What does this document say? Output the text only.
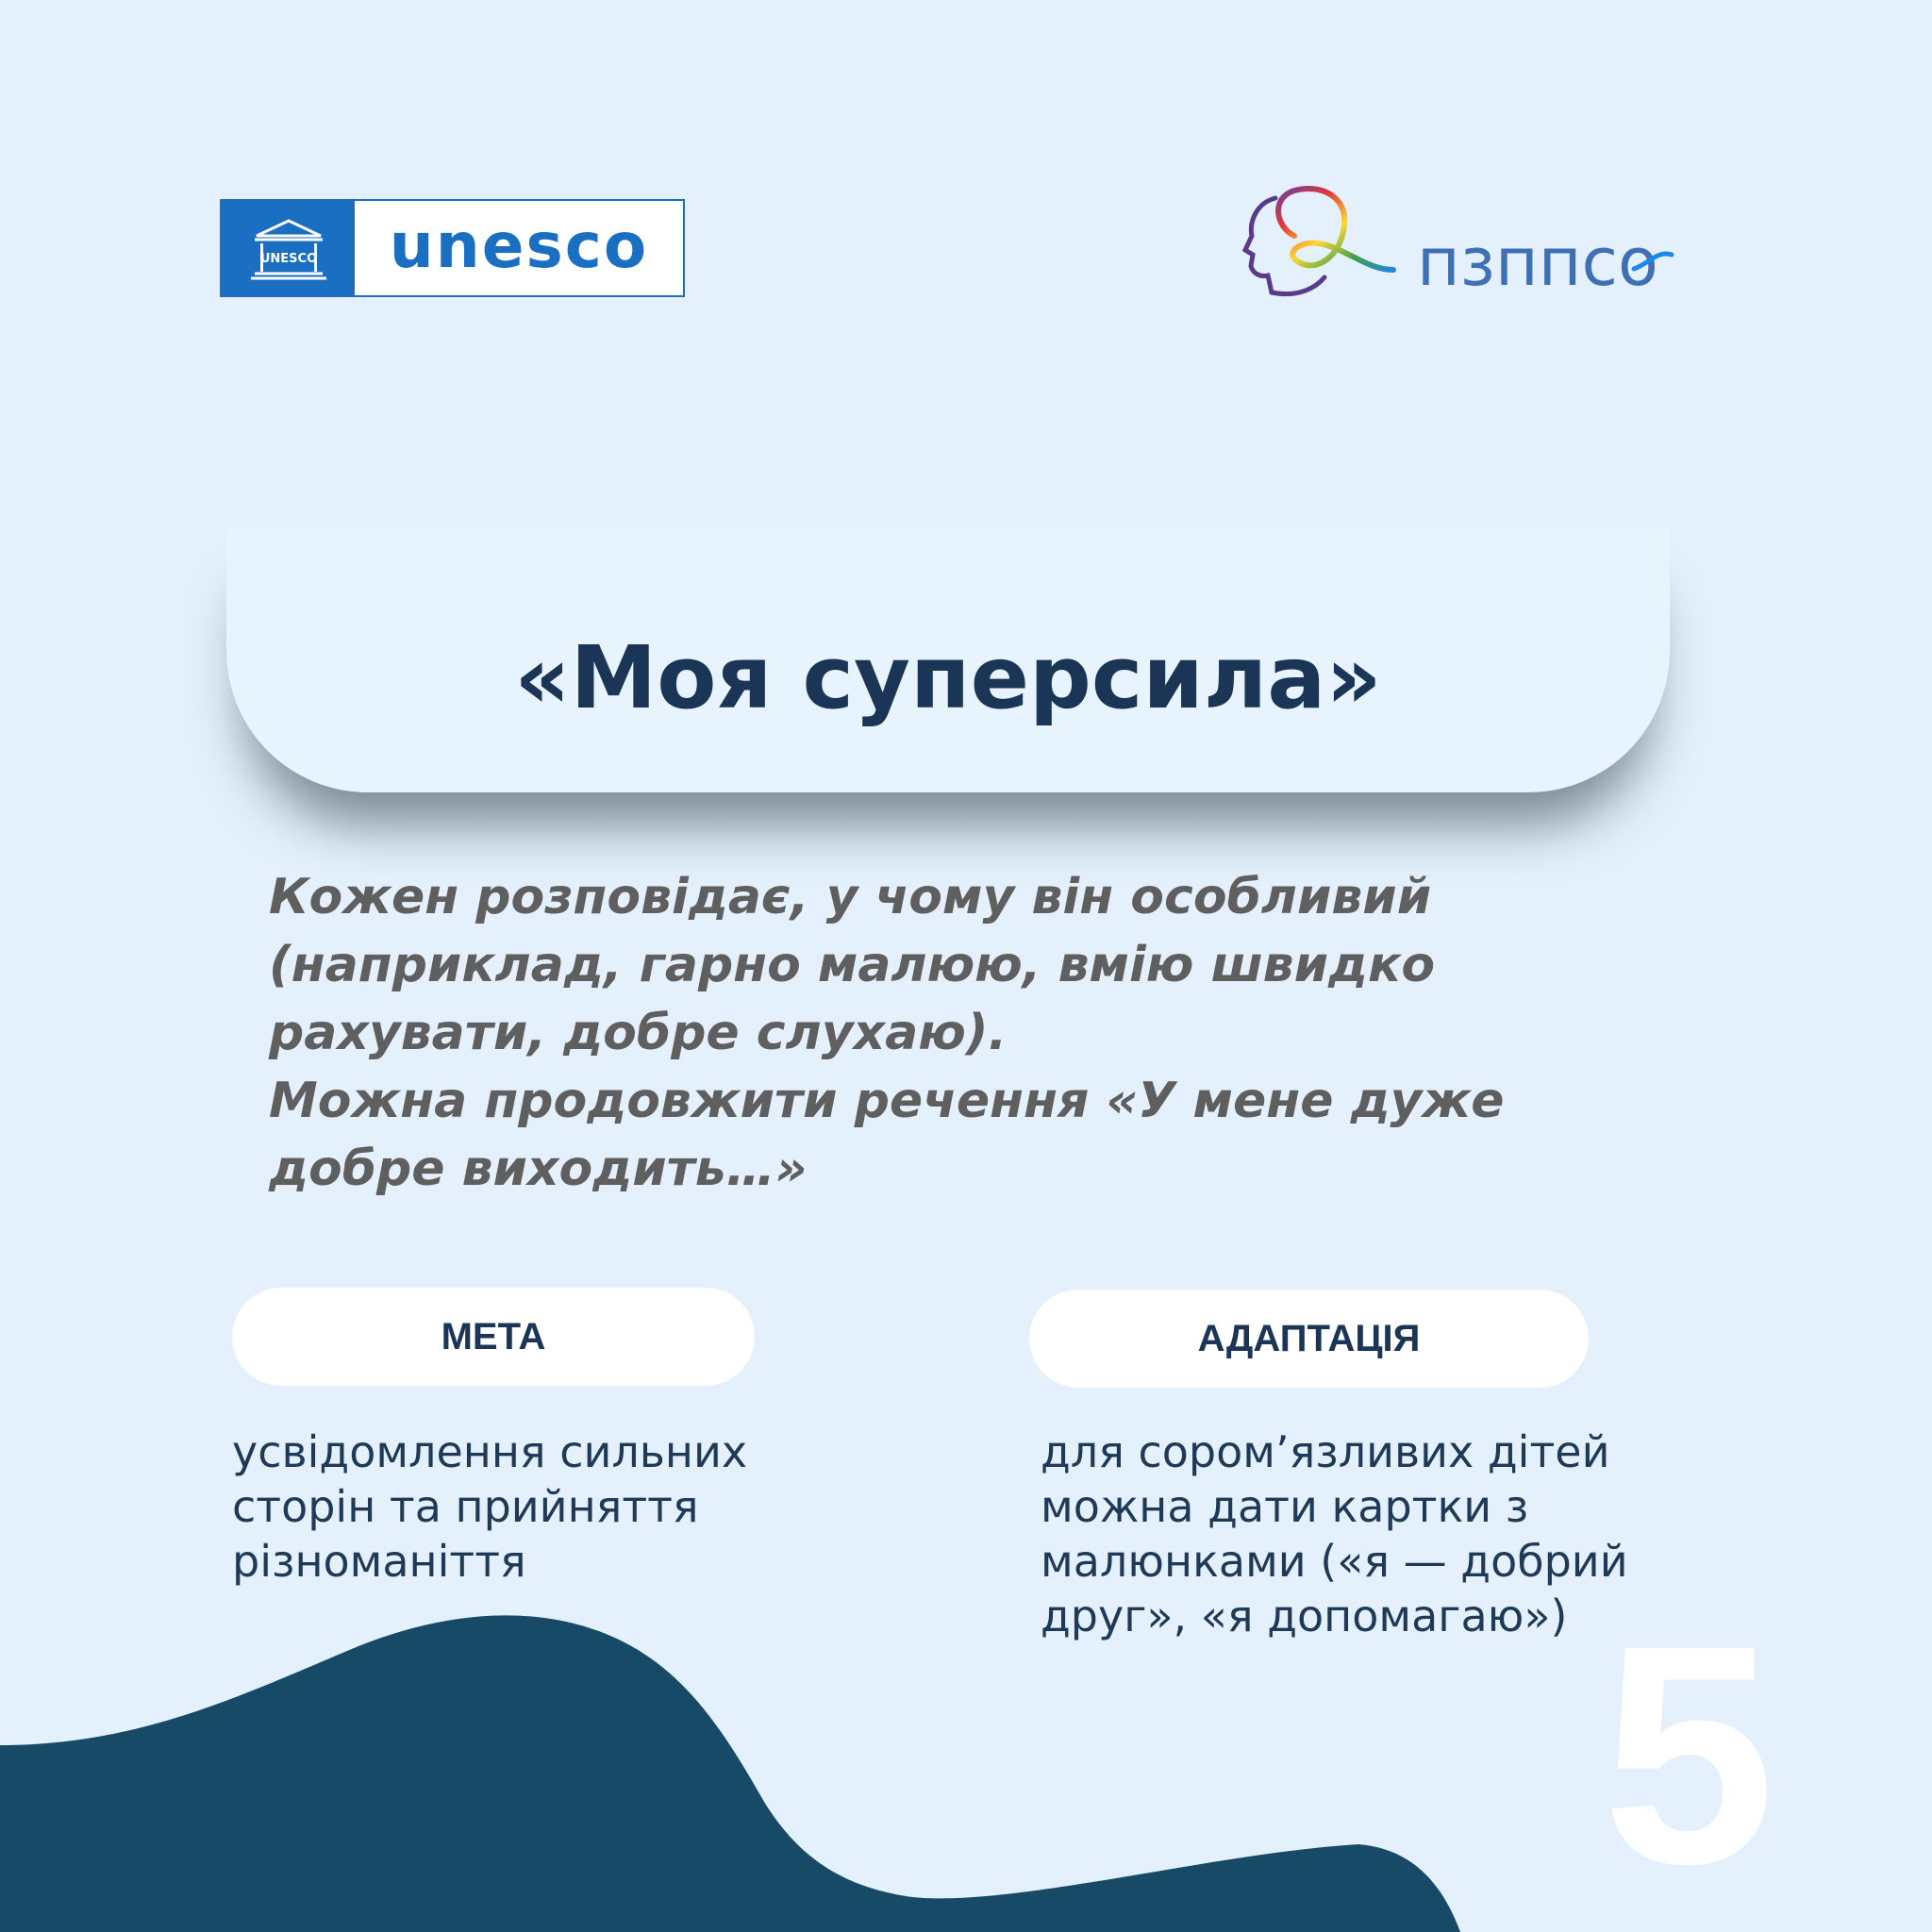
UNESCO	unesco	пзппсо
«Моя суперсила»

Кожен розповідає, у чому він особливий
(наприклад, гарно малюю, вмію швидко
рахувати, добре слухаю).
Можна продовжити речення «У мене дуже
добре виходить…»

МЕТА

усвідомлення сильних
сторін та прийняття
різноманіття

АДАПТАЦІЯ

для сором’язливих дітей
можна дати картки з
малюнками («я — добрий
друг», «я допомагаю») 5
